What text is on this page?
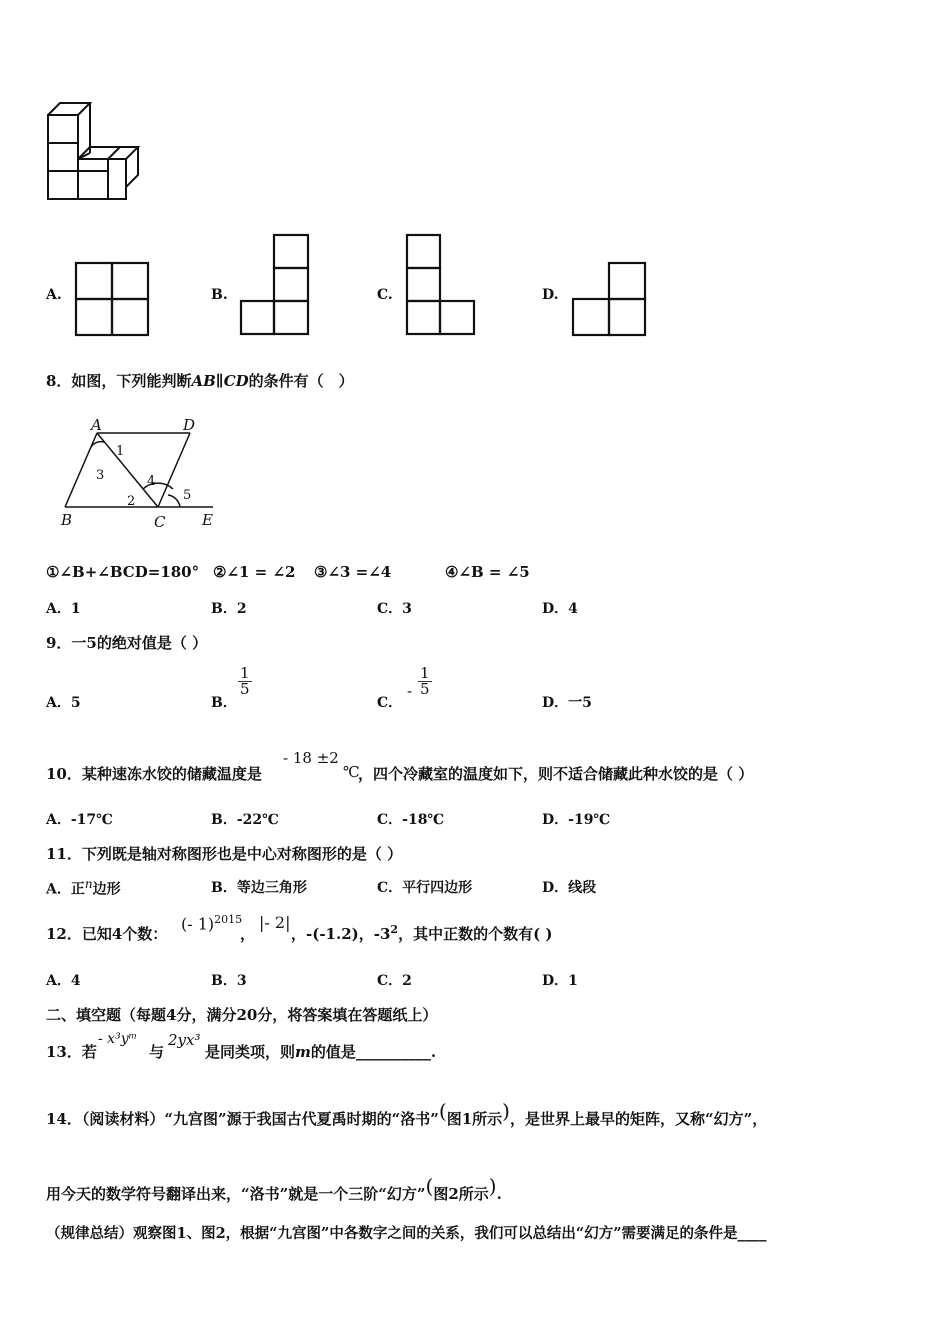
A.	B.	C.	D.
8．如图，下列能判断AB∥CD的条件有（　）
A	D
B	C E
1
2
3	4
5
①∠B+∠BCD=180° ②∠1 = ∠2 ③∠3 =∠4	④∠B = ∠5
A．1	B．2	C．3	D．4
9．一5的绝对值是（ ）
A．5	B．
$\frac{1}{5}$
C．
- $\frac{1}{5}$
D．一5
10．某种速冻水饺的储藏温度是
- 18 ±2
℃
，四个冷藏室的温度如下，则不适合储藏此种水饺的是（ ）
A．-17℃	B．-22℃	C．-18℃	D．-19℃
11．下列既是轴对称图形也是中心对称图形的是（ ）
A．正$^n$边形	B．等边三角形	C．平行四边形	D．线段
12．已知4个数：
(- 1)$^{2015}$
，
|- 2|
，-(-1.2)，$-3^2$，其中正数的个数有( )
A．4	B．3	C．2	D．1
二、填空题（每题4分，满分20分，将答案填在答题纸上）
13．若
- x³yᵐ
与
2yx³
是同类项，则m的值是__________.
14．（阅读材料）“九宫图”源于我国古代夏禹时期的“洛书”(图1所示)，是世界上最早的矩阵，又称“幻方”，
用今天的数学符号翻译出来，“洛书”就是一个三阶“幻方”(图2所示).
（规律总结）观察图1、图2，根据“九宫图”中各数字之间的关系，我们可以总结出“幻方”需要满足的条件是____
